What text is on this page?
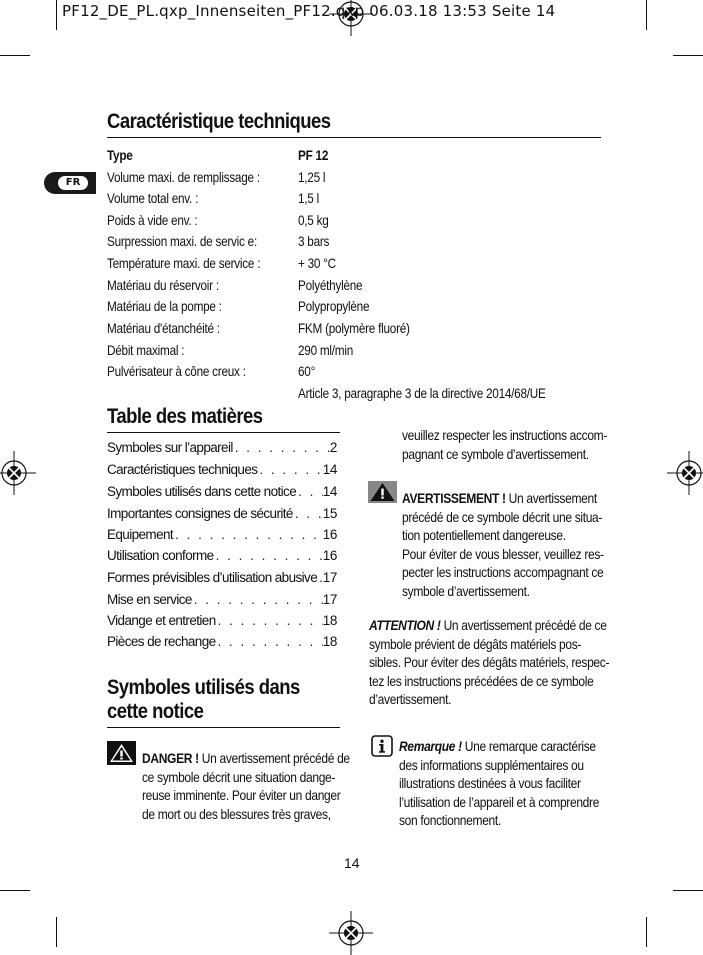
PF12_DE_PL.qxp_Innenseiten_PF12.qxp 06.03.18 13:53 Seite 14
FR
Caractéristique techniques
Type	PF 12
Volume maxi. de remplissage :	1,25 l
Volume total env. :	1,5 l
Poids à vide env. :	0,5 kg
Surpression maxi. de servic e:	3 bars
Température maxi. de service :	+ 30 °C
Matériau du réservoir :	Polyéthylène
Matériau de la pompe :	Polypropylène
Matériau d'étanchéité :	FKM (polymère fluoré)
Débit maximal :	290 ml/min
Pulvérisateur à cône creux :	60°
Article 3, paragraphe 3 de la directive 2014/68/UE
Table des matières
Symboles sur l’appareil . . .	2
Caractéristiques techniques . . .	14
Symboles utilisés dans cette notice . . . 14
Importantes consignes de sécurité . . . 15
Equipement . . .	16
Utilisation conforme . . .	16
Formes prévisibles d’utilisation abusive . . . 17
Mise en service . . .	17
Vidange et entretien . . .	18
Pièces de rechange . . .	18
Symboles utilisés dans
cette notice
DANGER ! Un avertissement précédé de
ce symbole décrit une situation dange-
reuse imminente. Pour éviter un danger
de mort ou des blessures très graves,
veuillez respecter les instructions accom-
pagnant ce symbole d’avertissement.
AVERTISSEMENT ! Un avertissement
précédé de ce symbole décrit une situa-
tion potentiellement dangereuse.
Pour éviter de vous blesser, veuillez res-
pecter les instructions accompagnant ce
symbole d’avertissement.
ATTENTION ! Un avertissement précédé de ce
symbole prévient de dégâts matériels pos-
sibles. Pour éviter des dégâts matériels, respec-
tez les instructions précédées de ce symbole
d’avertissement.
Remarque ! Une remarque caractérise
des informations supplémentaires ou
illustrations destinées à vous faciliter
l’utilisation de l’appareil et à comprendre
son fonctionnement.
14
